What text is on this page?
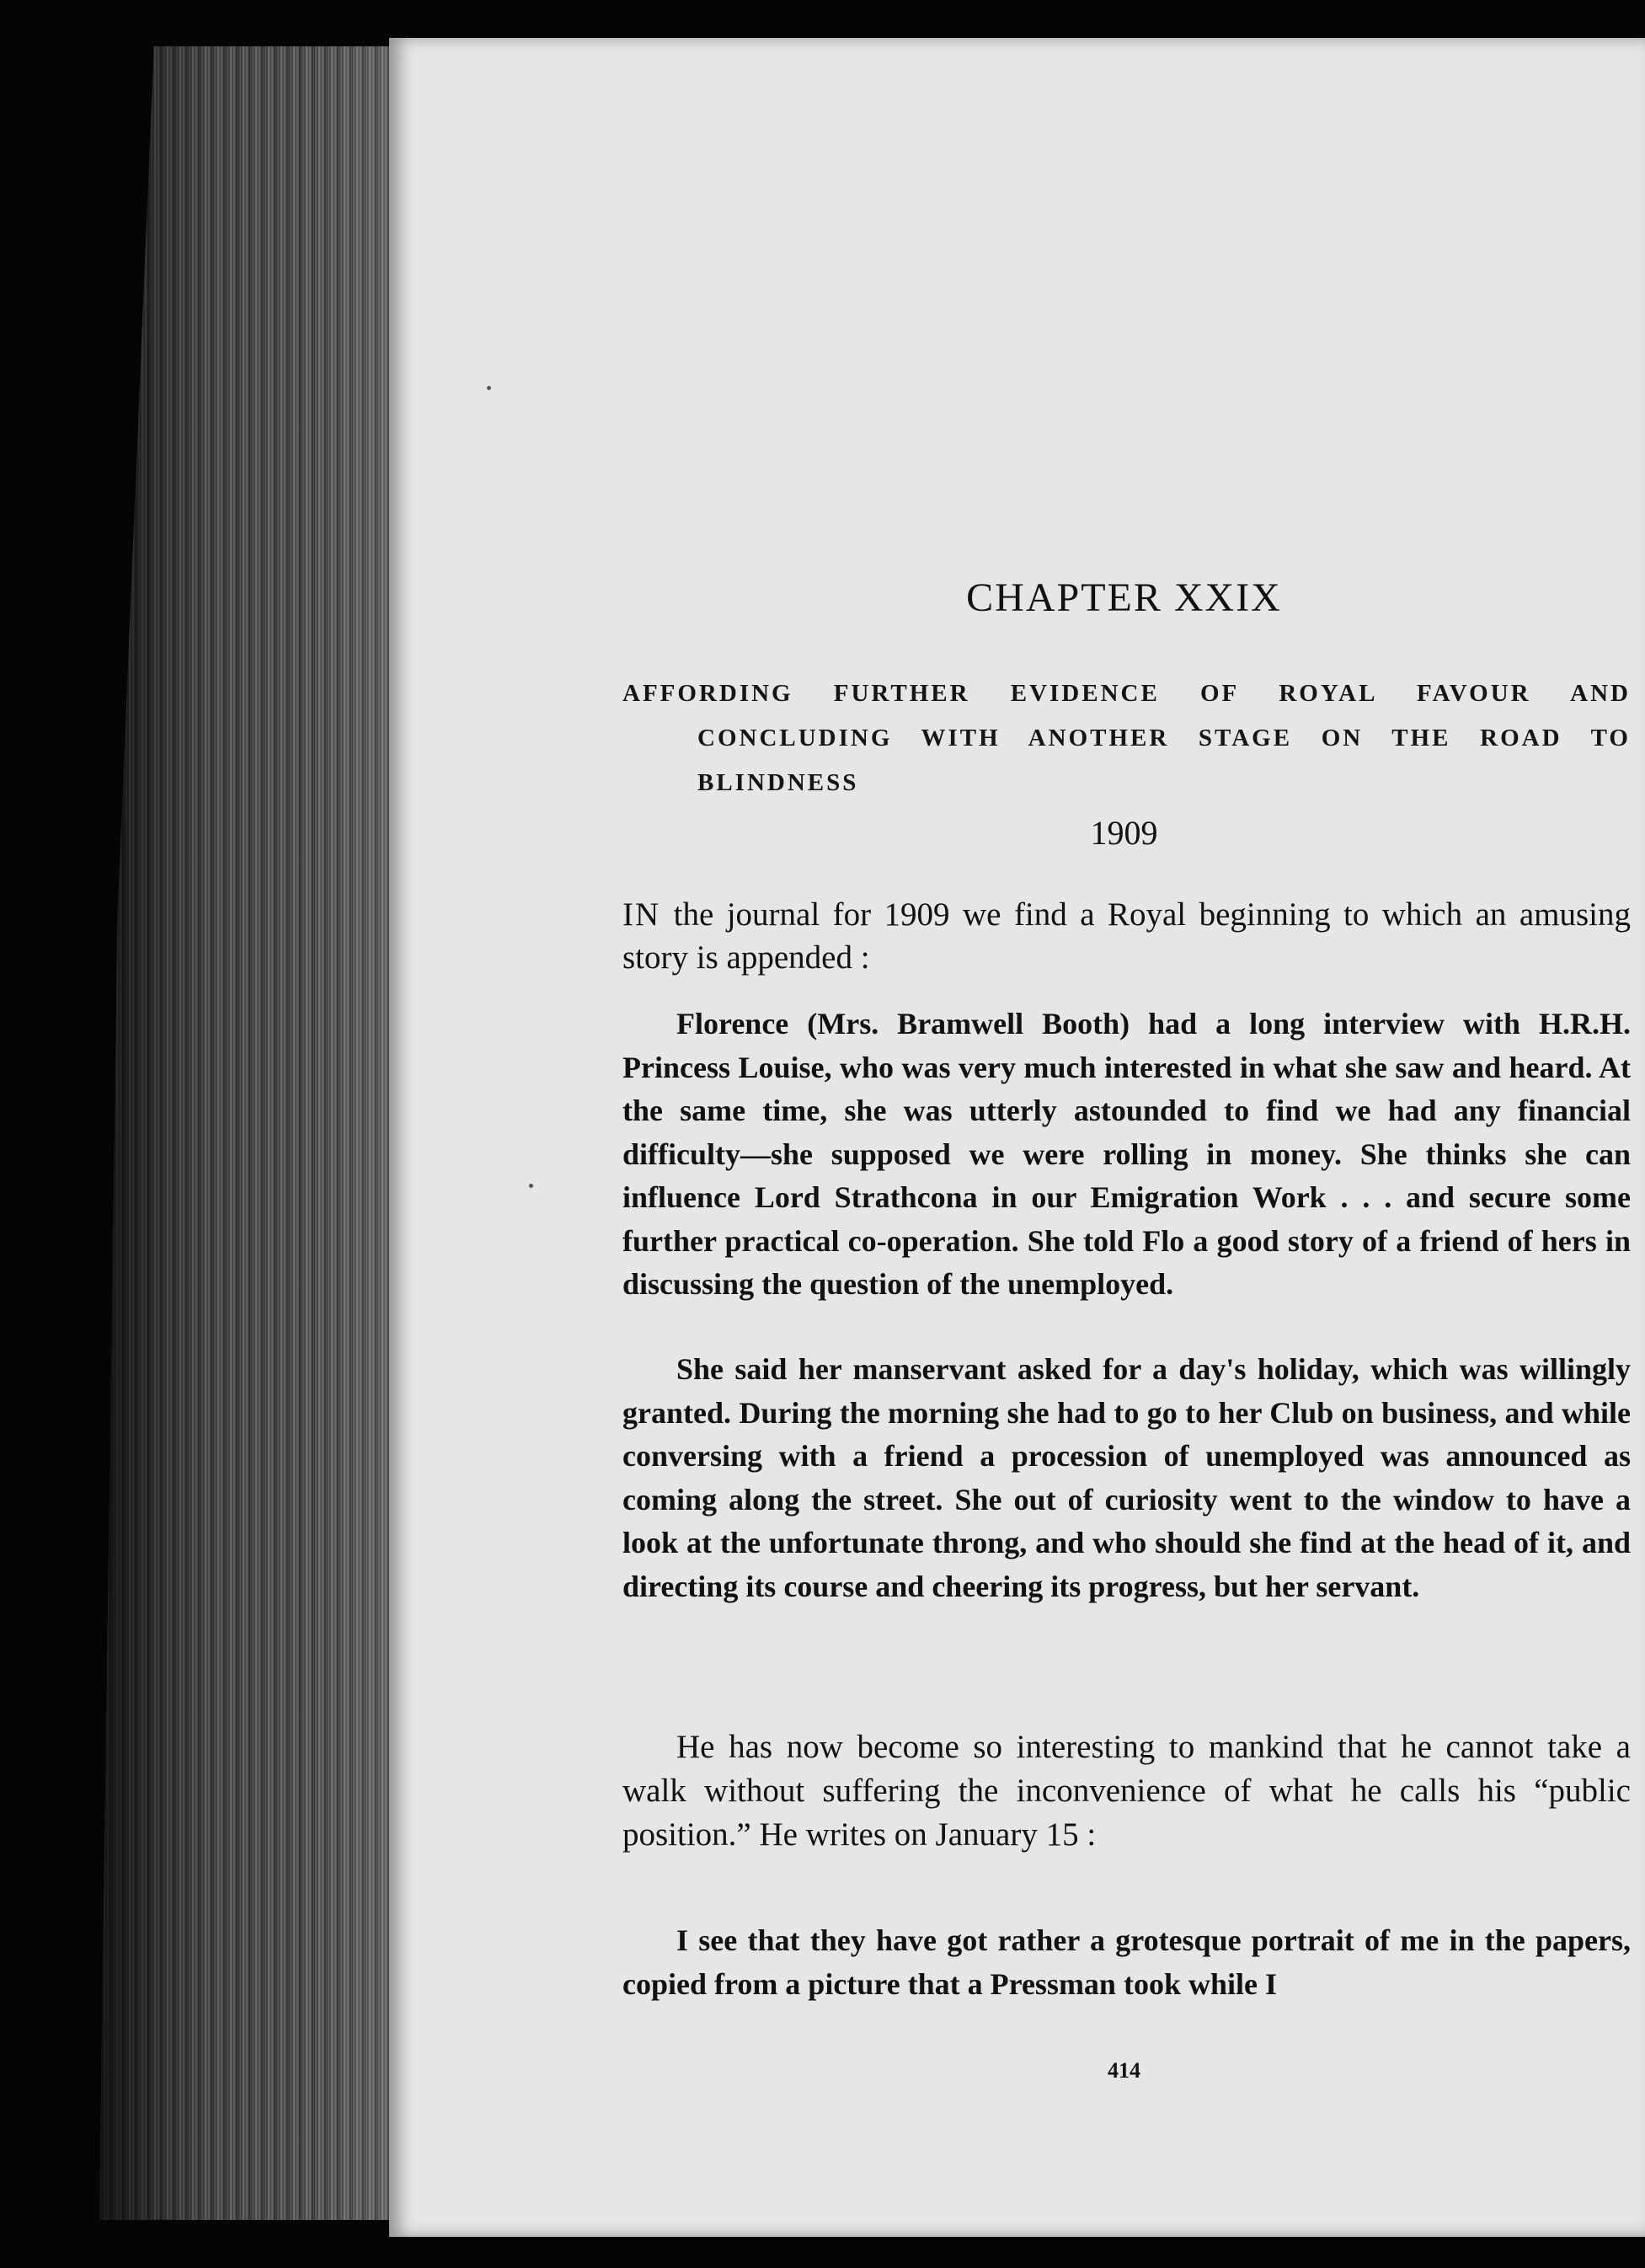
CHAPTER XXIX
AFFORDING FURTHER EVIDENCE OF ROYAL FAVOUR AND CONCLUDING WITH ANOTHER STAGE ON THE ROAD TO BLINDNESS

1909

IN the journal for 1909 we find a Royal beginning to which an amusing story is appended :

Florence (Mrs. Bramwell Booth) had a long interview with H.R.H. Princess Louise, who was very much interested in what she saw and heard. At the same time, she was utterly astounded to find we had any financial difficulty—she supposed we were rolling in money. She thinks she can influence Lord Strathcona in our Emigration Work . . . and secure some further practical co-operation. She told Flo a good story of a friend of hers in discussing the question of the unemployed.

She said her manservant asked for a day's holiday, which was willingly granted. During the morning she had to go to her Club on business, and while conversing with a friend a procession of unemployed was announced as coming along the street. She out of curiosity went to the window to have a look at the unfortunate throng, and who should she find at the head of it, and directing its course and cheering its progress, but her servant.

He has now become so interesting to mankind that he cannot take a walk without suffering the inconvenience of what he calls his “public position.” He writes on January 15 :

I see that they have got rather a grotesque portrait of me in the papers, copied from a picture that a Pressman took while I

414
